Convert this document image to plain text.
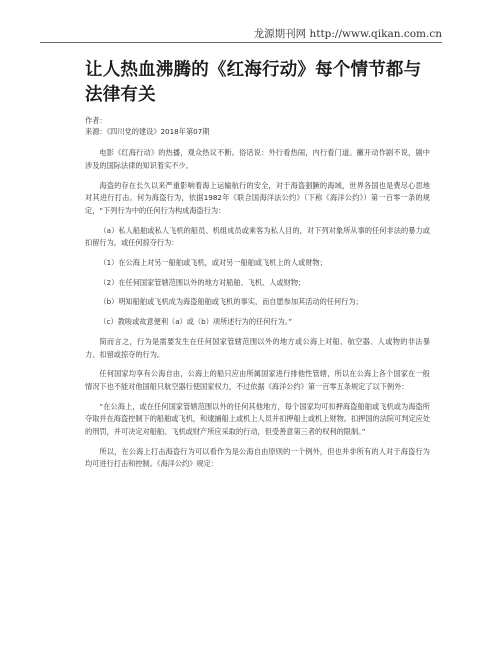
龙源期刊网 http://www.qikan.com.cn
让人热血沸腾的《红海行动》每个情节都与法律有关
作者：
来源：《四川党的建设》2018年第07期

电影《红海行动》的热播，观众热议不断。俗话说：外行看热闹，内行看门道。撇开动作剧不说，剧中涉及的国际法律的知识着实不少。

海盗的存在长久以来严重影响着海上运输航行的安全，对于海盗猖獗的海域，世界各国也是费尽心思地对其进行打击。何为海盗行为，依据1982年《联合国海洋法公约》（下称《海洋公约》）第一百零一条的规定，“下列行为中的任何行为构成海盗行为：

（a）私人船舶或私人飞机的船员、机组成员或乘客为私人目的，对下列对象所从事的任何非法的暴力或扣留行为，或任何掠夺行为：

（1）在公海上对另一船舶或飞机，或对另一船舶或飞机上的人或财物；

（2）在任何国家管辖范围以外的地方对船舶、飞机、人或财物；

（b）明知船舶或飞机成为海盗船舶或飞机的事实，而自愿参加其活动的任何行为；

（c）教唆或故意便利（a）或（b）项所述行为的任何行为。”

简而言之，行为是需要发生在任何国家管辖范围以外的地方或公海上对船、航空器、人或物的非法暴力、扣留或掠夺的行为。

任何国家均享有公海自由，公海上的船只应由所属国家进行排他性管辖，所以在公海上各个国家在一般情况下也不能对他国船只航空器行使国家权力，不过依据《海洋公约》第一百零五条规定了以下例外：

“在公海上，或在任何国家管辖范围以外的任何其他地方，每个国家均可扣押海盗船舶或飞机或为海盗所夺取并在海盗控制下的船舶或飞机，和逮捕船上或机上人员并扣押船上或机上财物。扣押国的法院可判定应处的刑罚，并可决定对船舶、飞机或财产所应采取的行动，但受善意第三者的权利的限制。”

所以，在公海上打击海盗行为可以看作为是公海自由原则的一个例外，但也并非所有的人对于海盗行为均可进行打击和控制。《海洋公约》规定：
